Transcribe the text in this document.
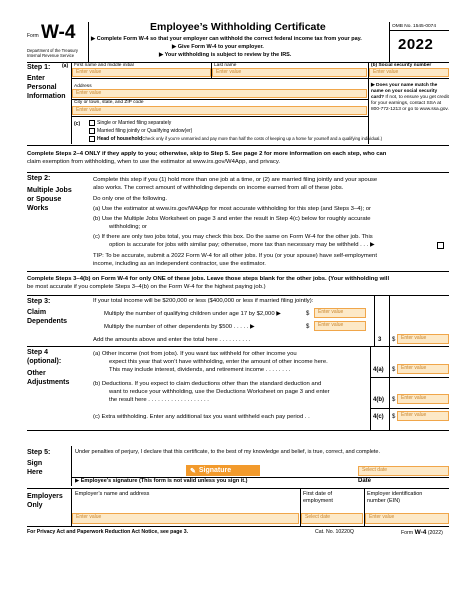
Form W-4
Department of the Treasury
Internal Revenue Service
Employee’s Withholding Certificate
▶ Complete Form W-4 so that your employer can withhold the correct federal income tax from your pay.
▶ Give Form W-4 to your employer.
▶ Your withholding is subject to review by the IRS.
OMB No. 1545-0074
2022
Step 1:
Enter
Personal
Information
(a) First name and middle initial	Last name	(b) Social security number
Enter value	Enter value	Enter value
Address
Enter value
City or town, state, and ZIP code
Enter value
▶ Does your name match the name on your social security card? If not, to ensure you get credit for your earnings, contact SSA at 800-772-1213 or go to www.ssa.gov.
(c)	Single or Married filing separately
Married filing jointly or Qualifying widow(er)
Head of household (Check only if you’re unmarried and pay more than half the costs of keeping up a home for yourself and a qualifying individual.)
Complete Steps 2–4 ONLY if they apply to you; otherwise, skip to Step 5. See page 2 for more information on each step, who can
claim exemption from withholding, when to use the estimator at www.irs.gov/W4App, and privacy.
Step 2:
Multiple Jobs
or Spouse
Works
Complete this step if you (1) hold more than one job at a time, or (2) are married filing jointly and your spouse
also works. The correct amount of withholding depends on income earned from all of these jobs.
Do only one of the following.
(a) Use the estimator at www.irs.gov/W4App for most accurate withholding for this step (and Steps 3–4); or
(b) Use the Multiple Jobs Worksheet on page 3 and enter the result in Step 4(c) below for roughly accurate
withholding; or
(c) If there are only two jobs total, you may check this box. Do the same on Form W-4 for the other job. This
option is accurate for jobs with similar pay; otherwise, more tax than necessary may be withheld . . . ▶
TIP: To be accurate, submit a 2022 Form W-4 for all other jobs. If you (or your spouse) have self-employment
income, including as an independent contractor, use the estimator.
Complete Steps 3–4(b) on Form W-4 for only ONE of these jobs. Leave those steps blank for the other jobs. (Your withholding will
be most accurate if you complete Steps 3–4(b) on the Form W-4 for the highest paying job.)
Step 3:
Claim
Dependents
If your total income will be $200,000 or less ($400,000 or less if married filing jointly):
Multiply the number of qualifying children under age 17 by $2,000 ▶	$	Enter value
Multiply the number of other dependents by $500 . . . . . ▶	$	Enter value
Add the amounts above and enter the total here . . . . . . . . . .	3 $	Enter value
Step 4
(optional):
Other
Adjustments
(a) Other income (not from jobs). If you want tax withheld for other income you
expect this year that won’t have withholding, enter the amount of other income here.
This may include interest, dividends, and retirement income . . . . . . . .	4(a) $	Enter value
(b) Deductions. If you expect to claim deductions other than the standard deduction and
want to reduce your withholding, use the Deductions Worksheet on page 3 and enter
the result here . . . . . . . . . . . . . . . . . . .	4(b) $	Enter value
(c) Extra withholding. Enter any additional tax you want withheld each pay period . .	4(c) $	Enter value
Step 5:
Sign
Here
Under penalties of perjury, I declare that this certificate, to the best of my knowledge and belief, is true, correct, and complete.
✎ Signature	Select date
▶ Employee’s signature (This form is not valid unless you sign it.)	Date
Employers
Only
Employer’s name and address
Enter value
First date of
employment
Select date
Employer identification
number (EIN)
Enter value
For Privacy Act and Paperwork Reduction Act Notice, see page 3.	Cat. No. 10220Q	Form W-4 (2022)
